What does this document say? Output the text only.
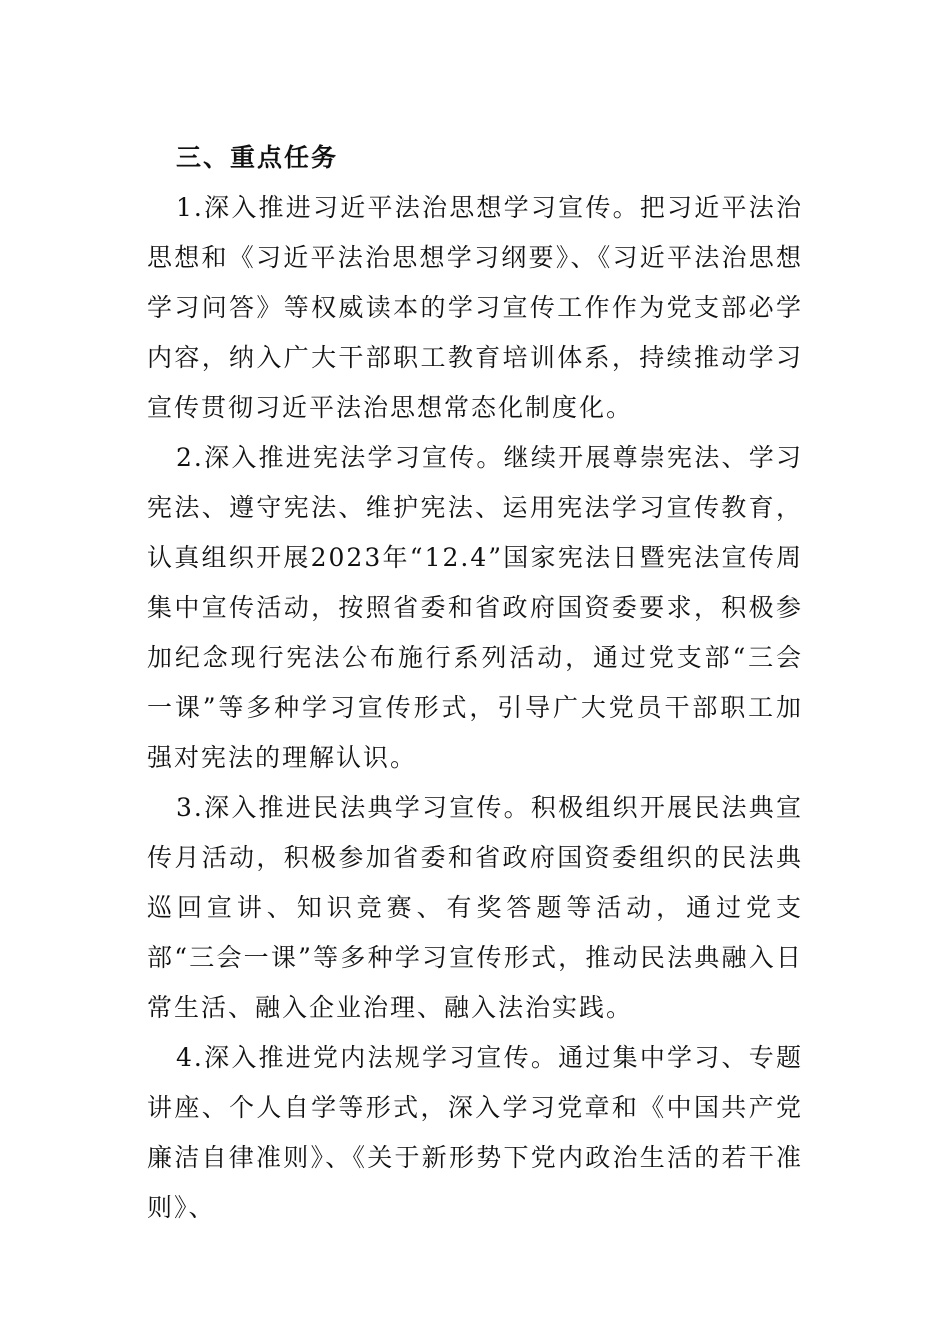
三、重点任务

1.深入推进习近平法治思想学习宣传。把习近平法治思想和《习近平法治思想学习纲要》、《习近平法治思想学习问答》等权威读本的学习宣传工作作为党支部必学内容，纳入广大干部职工教育培训体系，持续推动学习宣传贯彻习近平法治思想常态化制度化。

2.深入推进宪法学习宣传。继续开展尊崇宪法、学习宪法、遵守宪法、维护宪法、运用宪法学习宣传教育，认真组织开展2023年“12.4”国家宪法日暨宪法宣传周集中宣传活动，按照省委和省政府国资委要求，积极参加纪念现行宪法公布施行系列活动，通过党支部“三会一课”等多种学习宣传形式，引导广大党员干部职工加强对宪法的理解认识。

3.深入推进民法典学习宣传。积极组织开展民法典宣传月活动，积极参加省委和省政府国资委组织的民法典巡回宣讲、知识竞赛、有奖答题等活动，通过党支部“三会一课”等多种学习宣传形式，推动民法典融入日常生活、融入企业治理、融入法治实践。

4.深入推进党内法规学习宣传。通过集中学习、专题讲座、个人自学等形式，深入学习党章和《中国共产党廉洁自律准则》、《关于新形势下党内政治生活的若干准则》、
